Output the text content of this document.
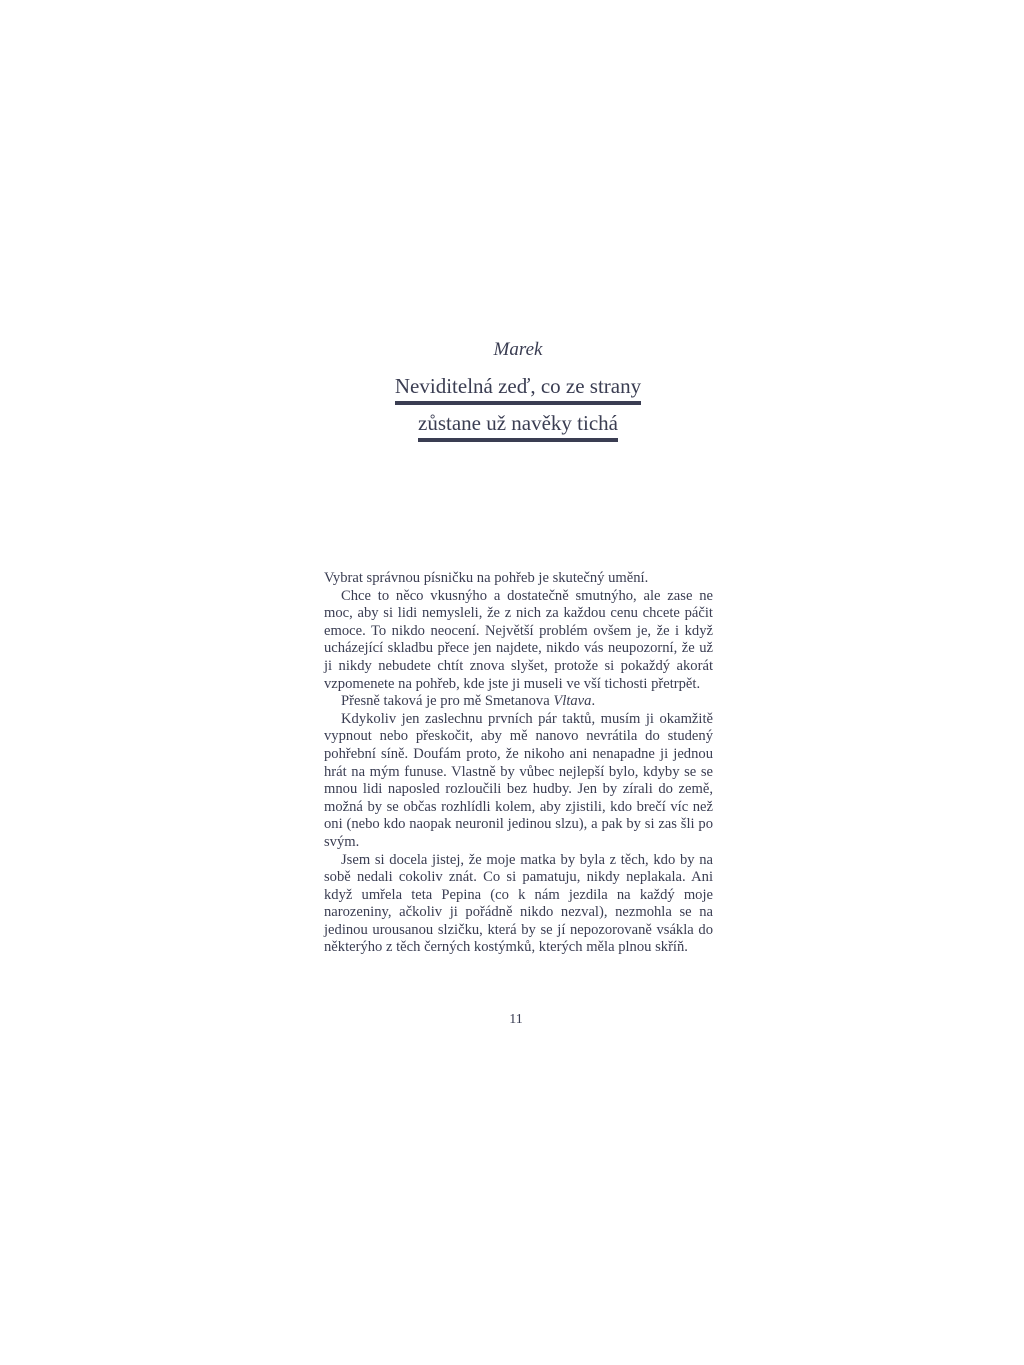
Marek
Neviditelná zeď, co ze strany
zůstane už navěky tichá

Vybrat správnou písničku na pohřeb je skutečný umění.

Chce to něco vkusnýho a dostatečně smutnýho, ale zase ne moc, aby si lidi nemysleli, že z nich za každou cenu chcete páčit emoce. To nikdo neocení. Největší problém ovšem je, že i když ucházející skladbu přece jen najdete, nikdo vás neupozorní, že už ji nikdy nebudete chtít znova slyšet, protože si pokaždý akorát vzpomenete na pohřeb, kde jste ji museli ve vší tichosti přetrpět.

Přesně taková je pro mě Smetanova Vltava.

Kdykoliv jen zaslechnu prvních pár taktů, musím ji okamžitě vypnout nebo přeskočit, aby mě nanovo nevrátila do studený pohřební síně. Doufám proto, že nikoho ani nenapadne ji jednou hrát na mým funuse. Vlastně by vůbec nejlepší bylo, kdyby se se mnou lidi naposled rozloučili bez hudby. Jen by zírali do země, možná by se občas rozhlídli kolem, aby zjistili, kdo brečí víc než oni (nebo kdo naopak neuronil jedinou slzu), a pak by si zas šli po svým.

Jsem si docela jistej, že moje matka by byla z těch, kdo by na sobě nedali cokoliv znát. Co si pamatuju, nikdy neplakala. Ani když umřela teta Pepina (co k nám jezdila na každý moje narozeniny, ačkoliv ji pořádně nikdo nezval), nezmohla se na jedinou urousanou slzičku, která by se jí nepozorovaně vsákla do některýho z těch černých kostýmků, kterých měla plnou skříň.

11
